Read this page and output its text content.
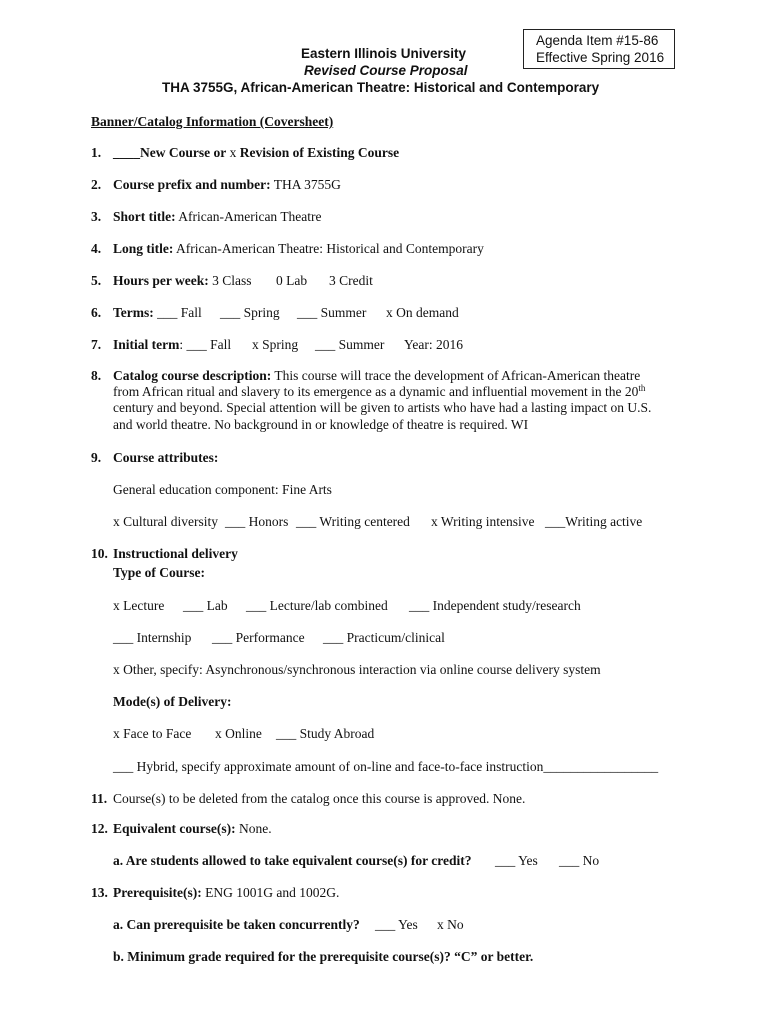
Agenda Item #15-86
Effective Spring 2016
Eastern Illinois University
Revised Course Proposal
THA 3755G, African-American Theatre: Historical and Contemporary
Banner/Catalog Information (Coversheet)
1. ____New Course or x Revision of Existing Course
2. Course prefix and number: THA 3755G
3. Short title: African-American Theatre
4. Long title: African-American Theatre: Historical and Contemporary
5. Hours per week: 3 Class 0 Lab 3 Credit
6. Terms: ___ Fall ___ Spring ___ Summer x On demand
7. Initial term: ___ Fall x Spring ___ Summer Year: 2016
8. Catalog course description: This course will trace the development of African-American theatre
from African ritual and slavery to its emergence as a dynamic and influential movement in the 20th
century and beyond. Special attention will be given to artists who have had a lasting impact on U.S.
and world theatre. No background in or knowledge of theatre is required. WI
9. Course attributes:
General education component: Fine Arts
x Cultural diversity ___ Honors ___ Writing centered x Writing intensive ___Writing active
10. Instructional delivery
Type of Course:
x Lecture ___ Lab ___ Lecture/lab combined ___ Independent study/research
___ Internship ___ Performance ___ Practicum/clinical
x Other, specify: Asynchronous/synchronous interaction via online course delivery system
Mode(s) of Delivery:
x Face to Face x Online ___ Study Abroad
___ Hybrid, specify approximate amount of on-line and face-to-face instruction_________________
11. Course(s) to be deleted from the catalog once this course is approved. None.
12. Equivalent course(s): None.
a. Are students allowed to take equivalent course(s) for credit? ___ Yes ___ No
13. Prerequisite(s): ENG 1001G and 1002G.
a. Can prerequisite be taken concurrently? ___ Yes x No
b. Minimum grade required for the prerequisite course(s)? “C” or better.
